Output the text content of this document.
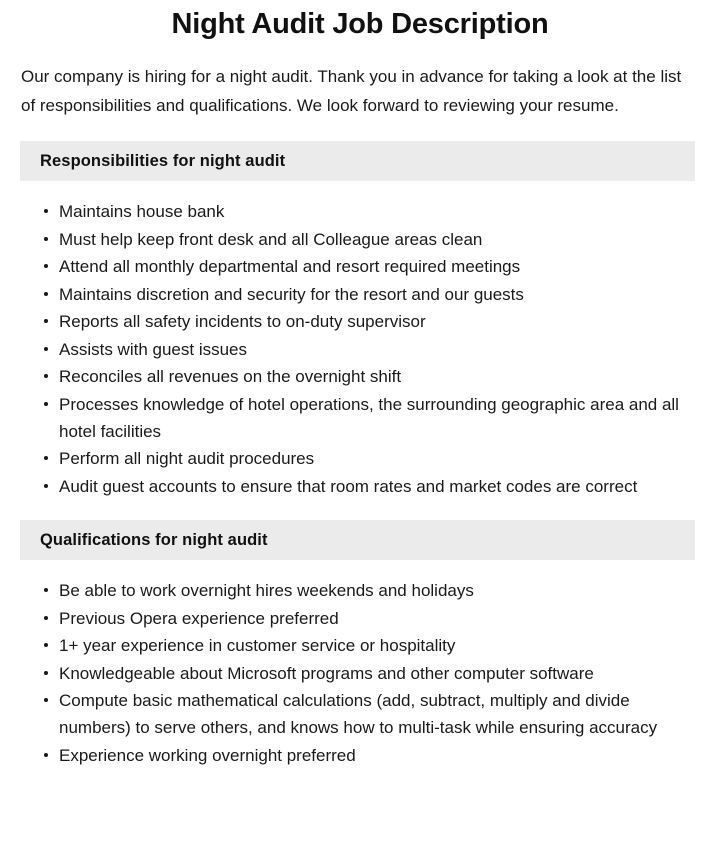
Night Audit Job Description

Our company is hiring for a night audit. Thank you in advance for taking a look at the list of responsibilities and qualifications. We look forward to reviewing your resume.

Responsibilities for night audit
Maintains house bank
Must help keep front desk and all Colleague areas clean
Attend all monthly departmental and resort required meetings
Maintains discretion and security for the resort and our guests
Reports all safety incidents to on-duty supervisor
Assists with guest issues
Reconciles all revenues on the overnight shift
Processes knowledge of hotel operations, the surrounding geographic area and all hotel facilities
Perform all night audit procedures
Audit guest accounts to ensure that room rates and market codes are correct
Qualifications for night audit
Be able to work overnight hires weekends and holidays
Previous Opera experience preferred
1+ year experience in customer service or hospitality
Knowledgeable about Microsoft programs and other computer software
Compute basic mathematical calculations (add, subtract, multiply and divide numbers) to serve others, and knows how to multi-task while ensuring accuracy
Experience working overnight preferred
